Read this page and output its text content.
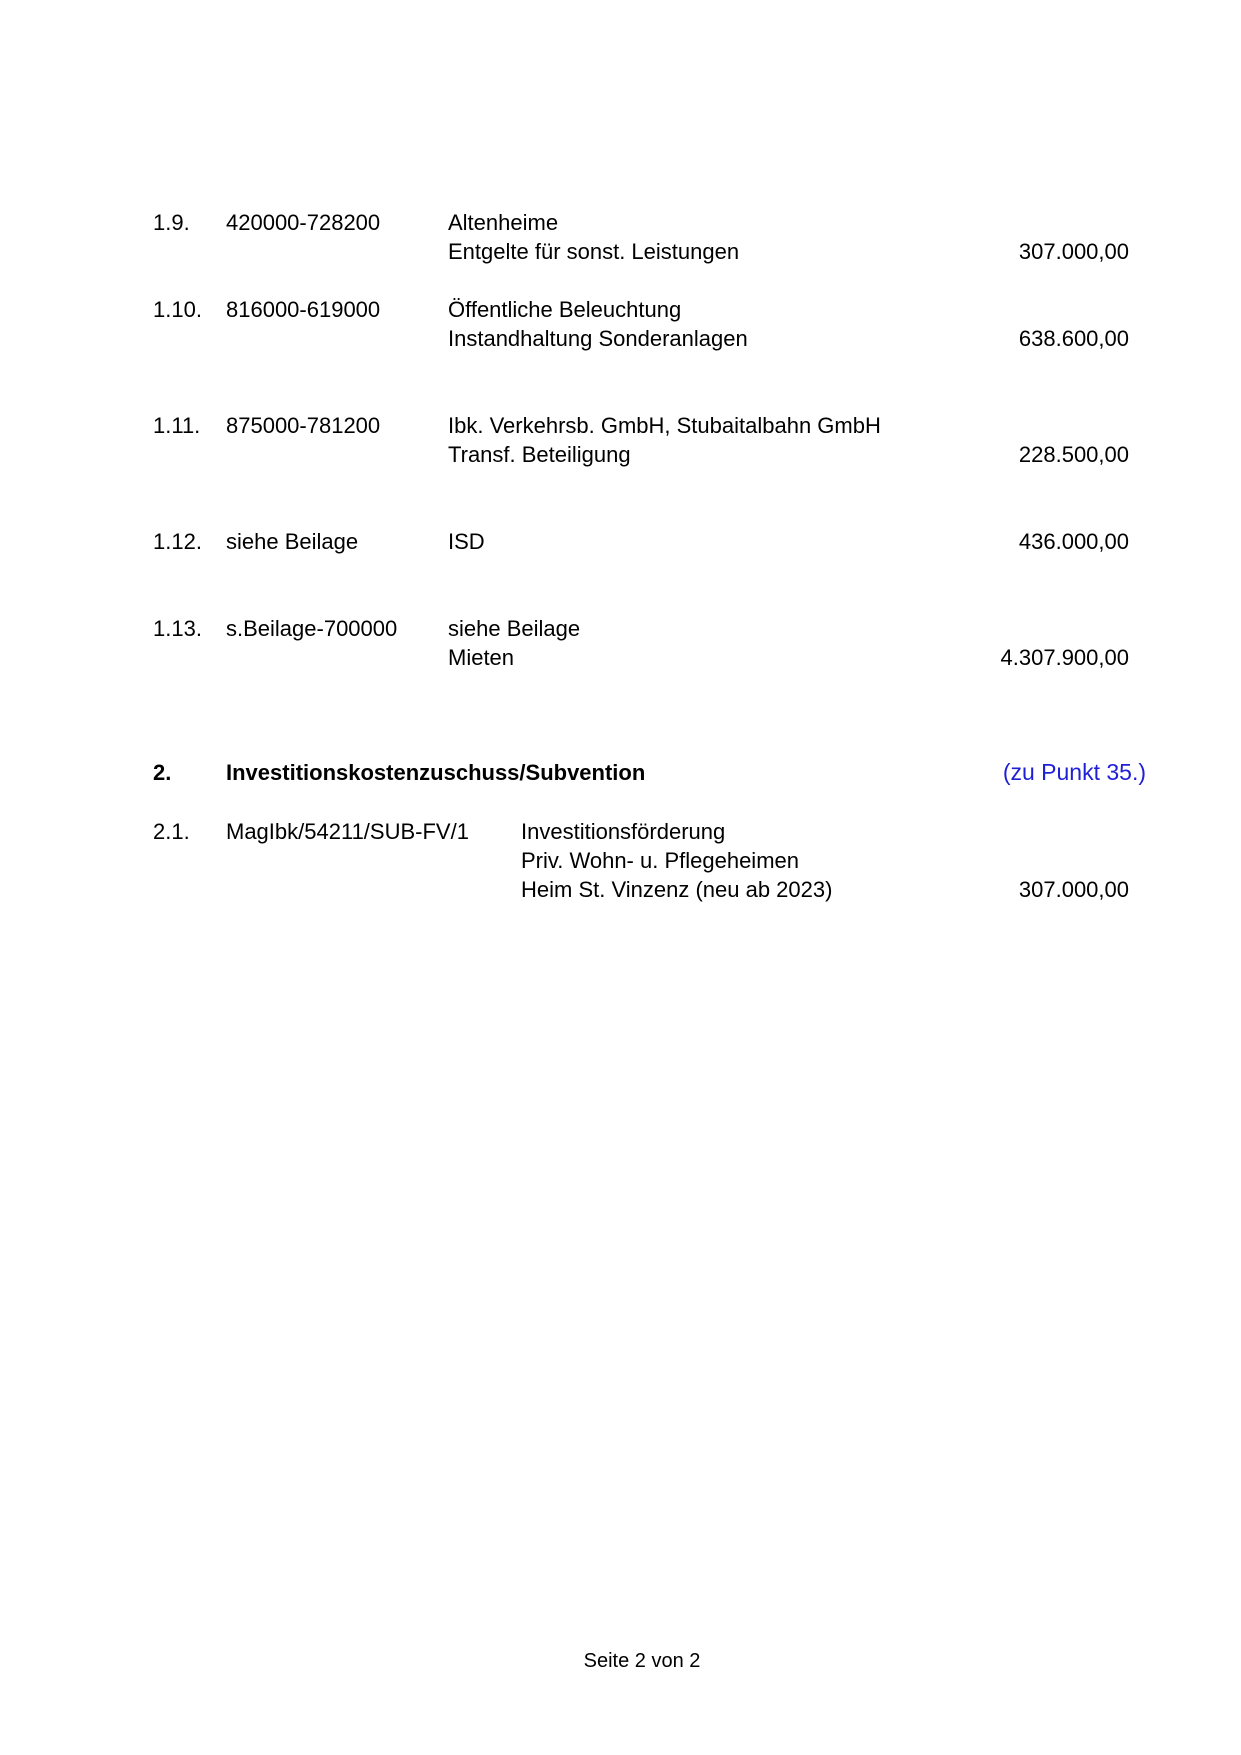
1.9. 420000-728200	Altenheime
Entgelte für sonst. Leistungen	307.000,00
1.10. 816000-619000	Öffentliche Beleuchtung
Instandhaltung Sonderanlagen	638.600,00
1.11. 875000-781200	Ibk. Verkehrsb. GmbH, Stubaitalbahn GmbH
Transf. Beteiligung	228.500,00
1.12. siehe Beilage	ISD	436.000,00
1.13. s.Beilage-700000 siehe Beilage
Mieten	4.307.900,00
2. Investitionskostenzuschuss/Subvention	(zu Punkt 35.)
2.1. MagIbk/54211/SUB-FV/1 Investitionsförderung
Priv. Wohn- u. Pflegeheimen
Heim St. Vinzenz (neu ab 2023)	307.000,00
Seite 2 von 2
